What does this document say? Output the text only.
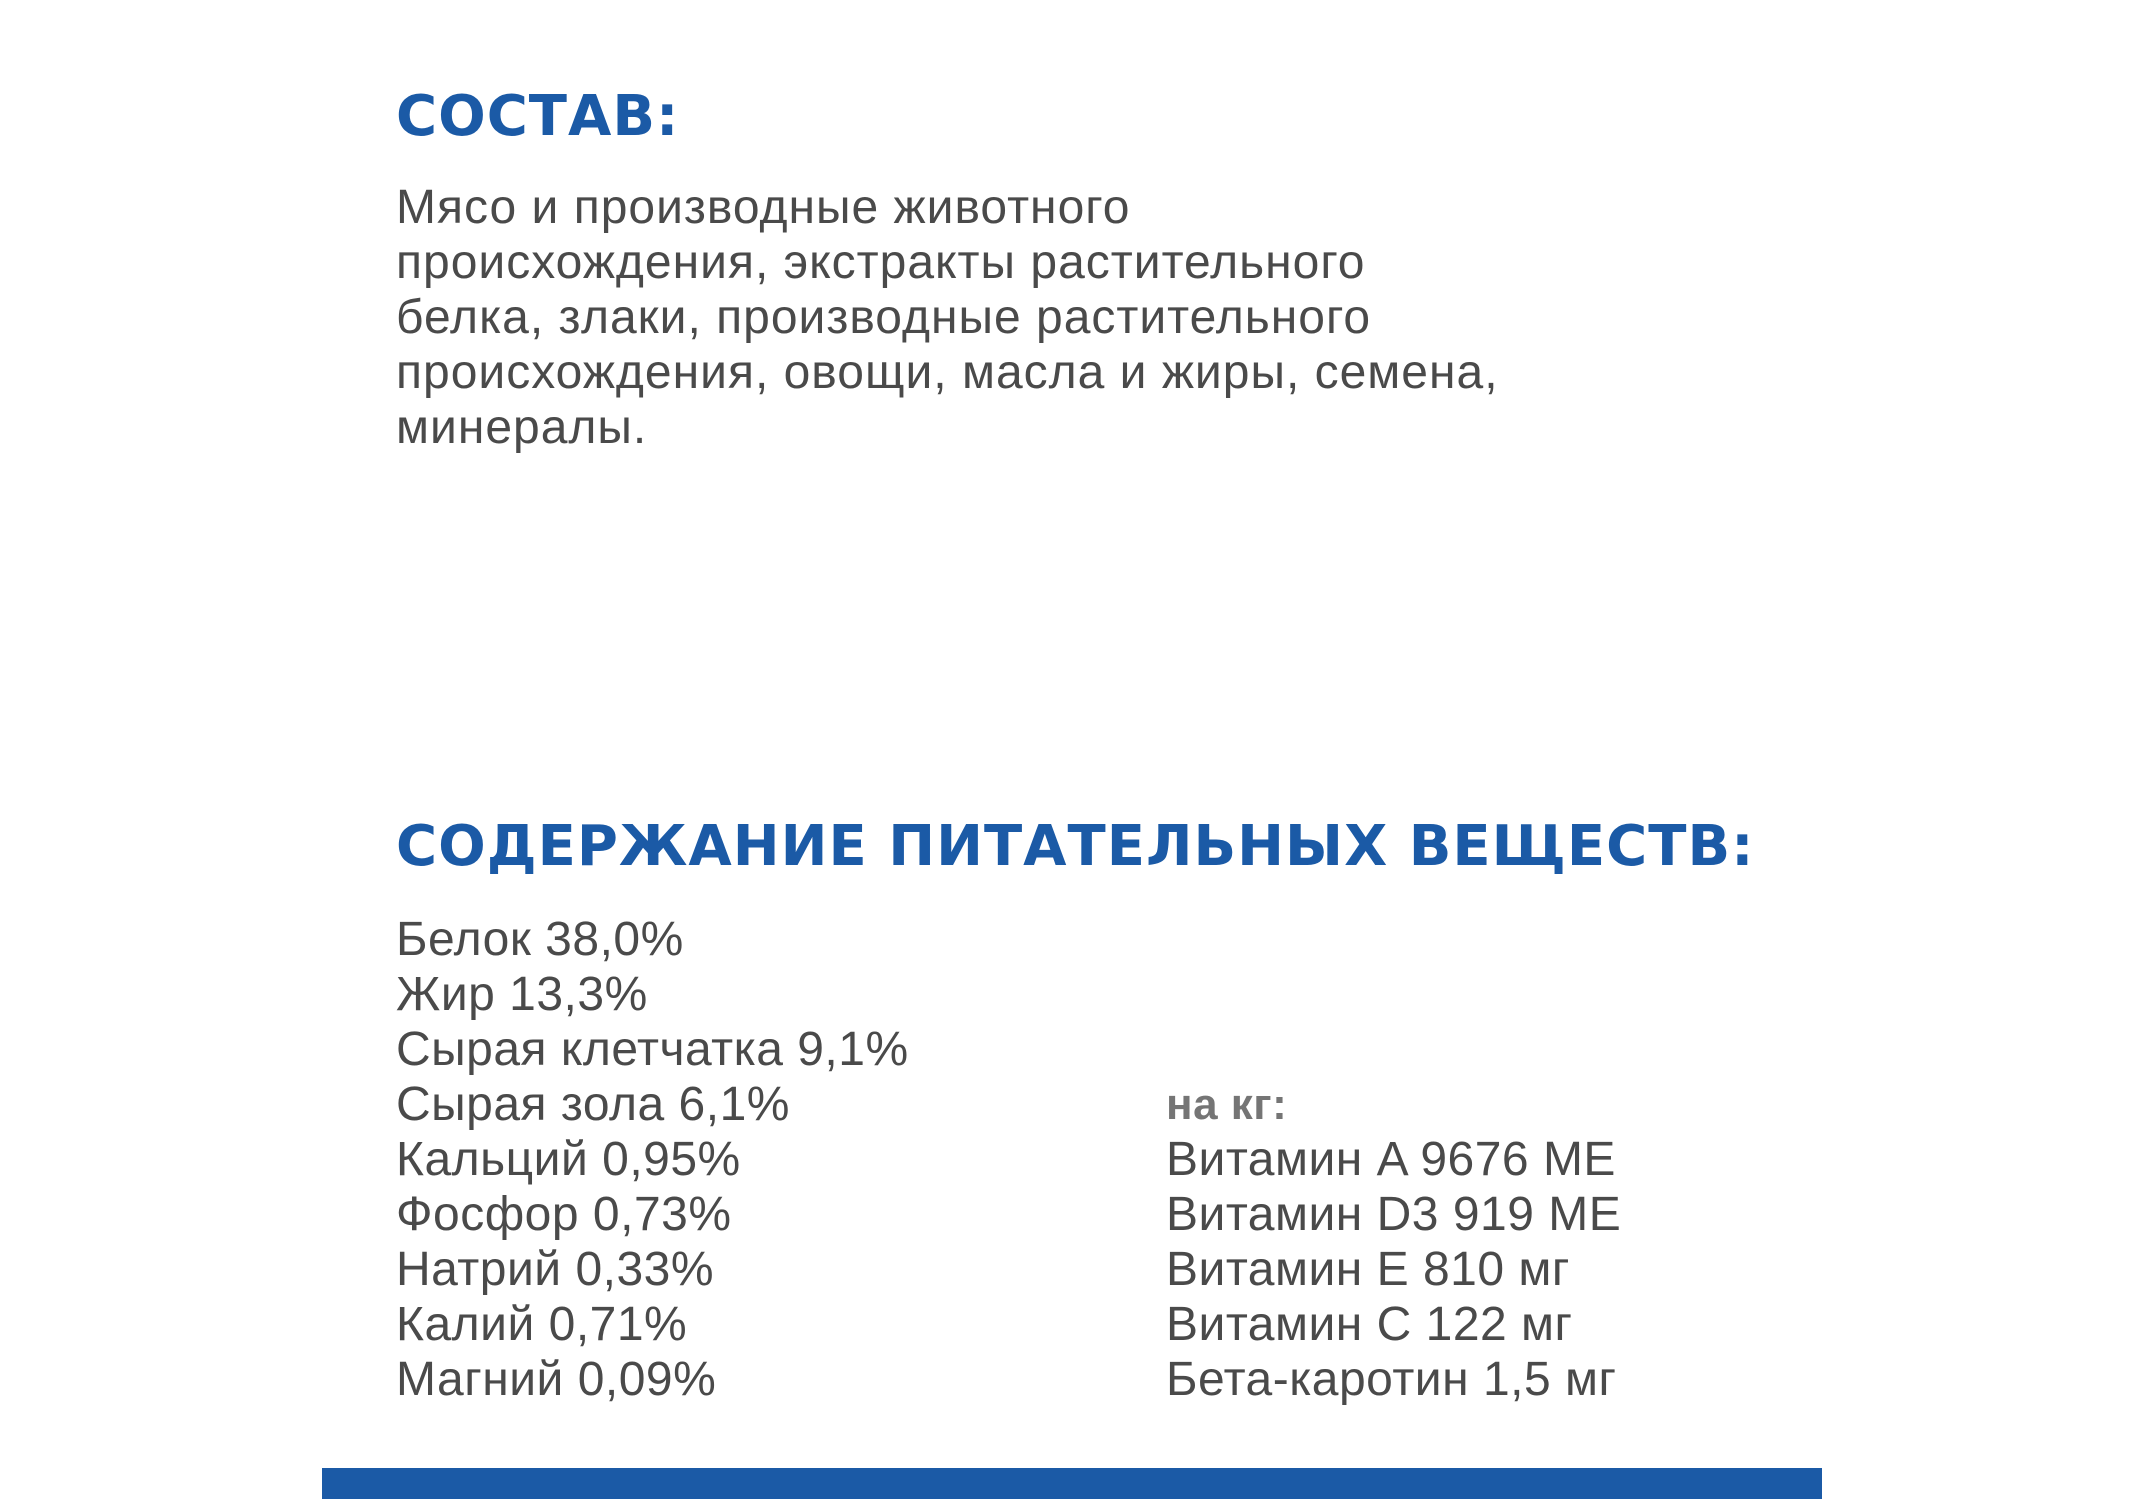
СОСТАВ:

Мясо и производные животного
происхождения, экстракты растительного
белка, злаки, производные растительного
происхождения, овощи, масла и жиры, семена,
минералы.

СОДЕРЖАНИЕ ПИТАТЕЛЬНЫХ ВЕЩЕСТВ:
Белок 38,0%
Жир 13,3%
Сырая клетчатка 9,1%
Сырая зола 6,1%
Кальций 0,95%
Фосфор 0,73%
Натрий 0,33%
Калий 0,71%
Магний 0,09%
на кг:
Витамин A 9676 ME
Витамин D3 919 ME
Витамин E 810 мг
Витамин C 122 мг
Бета-каротин 1,5 мг
